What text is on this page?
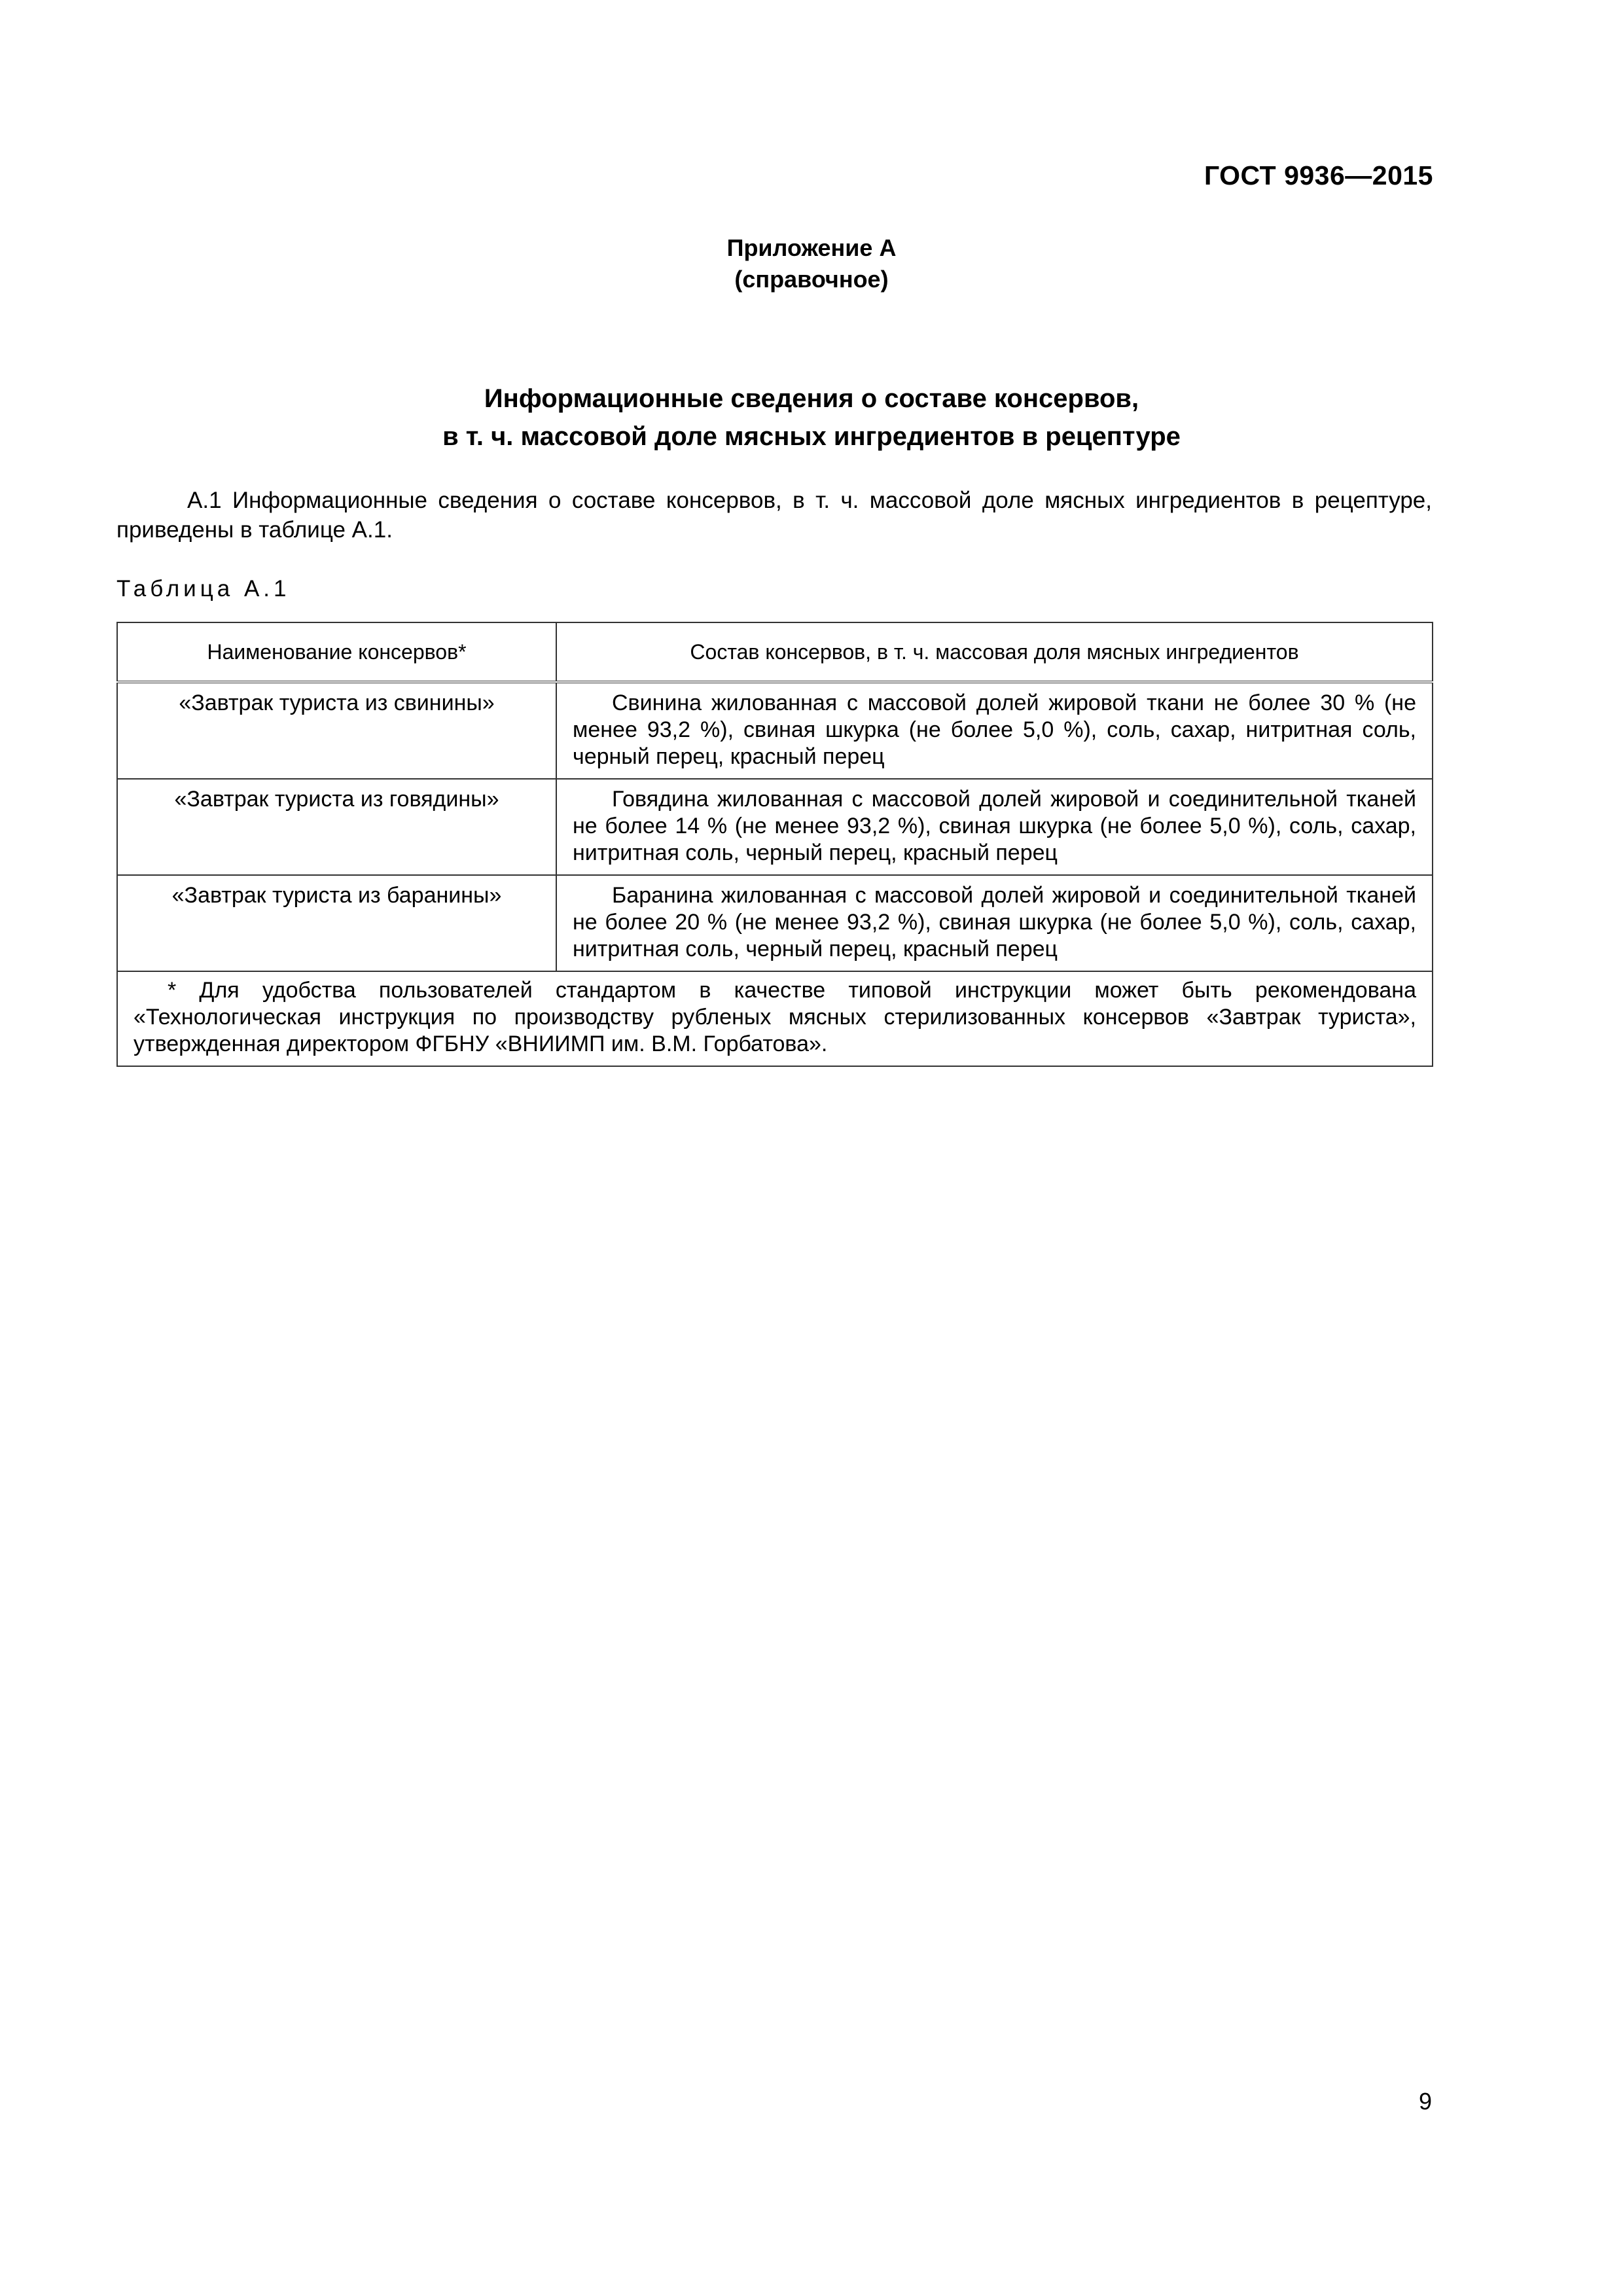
ГОСТ 9936—2015
Приложение А
(справочное)
Информационные сведения о составе консервов,
в т. ч. массовой доле мясных ингредиентов в рецептуре

А.1 Информационные сведения о составе консервов, в т. ч. массовой доле мясных ингредиентов в рецептуре, приведены в таблице А.1.

Таблица А.1
Наименование консервов*	Состав консервов, в т. ч. массовая доля мясных ингредиентов
«Завтрак туриста из свинины»	Свинина жилованная с массовой долей жировой ткани не более 30 % (не менее 93,2 %), свиная шкурка (не более 5,0 %), соль, сахар, нитритная соль, черный перец, красный перец
«Завтрак туриста из говядины»	Говядина жилованная с массовой долей жировой и соединительной тканей не более 14 % (не менее 93,2 %), свиная шкурка (не более 5,0 %), соль, сахар, нитритная соль, черный перец, красный перец
«Завтрак туриста из баранины»	Баранина жилованная с массовой долей жировой и соединительной тканей не более 20 % (не менее 93,2 %), свиная шкурка (не более 5,0 %), соль, сахар, нитритная соль, черный перец, красный перец
* Для удобства пользователей стандартом в качестве типовой инструкции может быть рекомендована «Технологическая инструкция по производству рубленых мясных стерилизованных консервов «Завтрак туриста», утвержденная директором ФГБНУ «ВНИИМП им. В.М. Горбатова».	
9
